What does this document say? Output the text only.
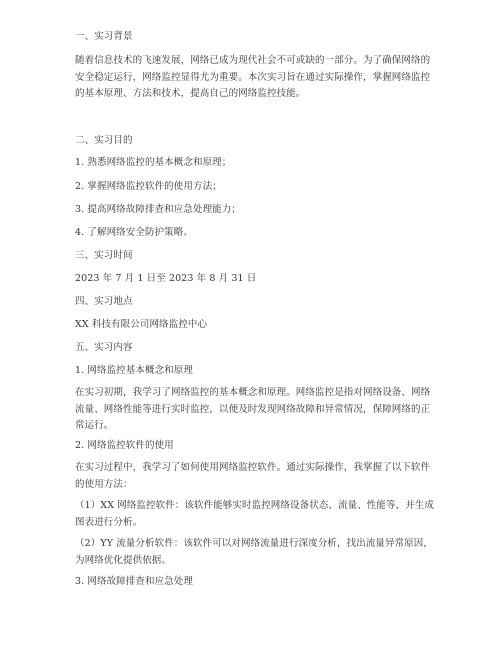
一、实习背景
随着信息技术的飞速发展，网络已成为现代社会不可或缺的一部分。为了确保网络的安全稳定运行，网络监控显得尤为重要。本次实习旨在通过实际操作，掌握网络监控的基本原理、方法和技术，提高自己的网络监控技能。
二、实习目的
1. 熟悉网络监控的基本概念和原理；
2. 掌握网络监控软件的使用方法；
3. 提高网络故障排查和应急处理能力；
4. 了解网络安全防护策略。
三、实习时间
2023 年 7 月 1 日至 2023 年 8 月 31 日
四、实习地点
XX 科技有限公司网络监控中心
五、实习内容
1. 网络监控基本概念和原理
在实习初期，我学习了网络监控的基本概念和原理。网络监控是指对网络设备、网络流量、网络性能等进行实时监控，以便及时发现网络故障和异常情况，保障网络的正常运行。
2. 网络监控软件的使用
在实习过程中，我学习了如何使用网络监控软件。通过实际操作，我掌握了以下软件的使用方法：
（1）XX 网络监控软件：该软件能够实时监控网络设备状态、流量、性能等，并生成图表进行分析。
（2）YY 流量分析软件：该软件可以对网络流量进行深度分析，找出流量异常原因，为网络优化提供依据。
3. 网络故障排查和应急处理
